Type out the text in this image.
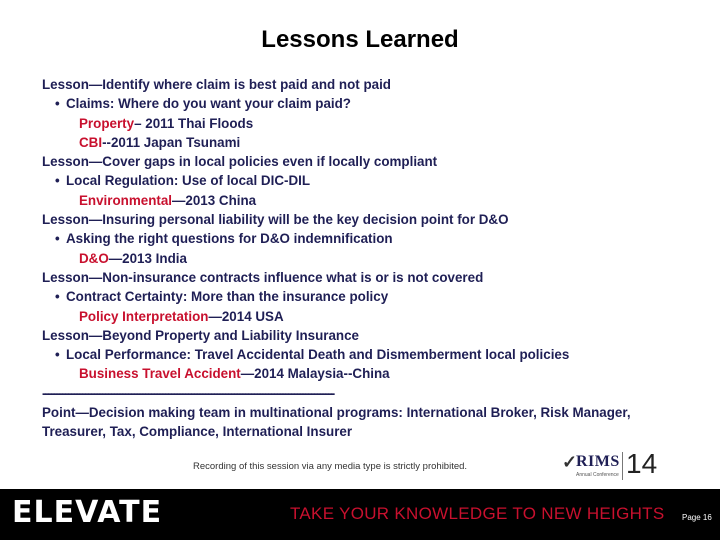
Lessons Learned
Lesson—Identify where claim is best paid and not paid
• Claims: Where do you want your claim paid?
Property– 2011 Thai Floods
CBI--2011 Japan Tsunami
Lesson—Cover gaps in local policies even if locally compliant
• Local Regulation: Use of local DIC-DIL
Environmental—2013 China
Lesson—Insuring personal liability will be the key decision point for D&O
• Asking the right questions for D&O indemnification
D&O—2013 India
Lesson—Non-insurance contracts influence what is or is not covered
• Contract Certainty: More than the insurance policy
Policy Interpretation—2014 USA
Lesson—Beyond Property and Liability Insurance
• Local Performance: Travel Accidental Death and Dismemberment local policies
Business Travel Accident—2014 Malaysia--China
------------------------------------------------------------------------------------------------------
Point—Decision making team in multinational programs: International Broker, Risk Manager,
Treasurer, Tax, Compliance, International Insurer
Recording of this session via any media type is strictly prohibited.	✓
RIMS
Annual Conference 14
ELEVATE	TAKE YOUR KNOWLEDGE TO NEW HEIGHTS Page 16
